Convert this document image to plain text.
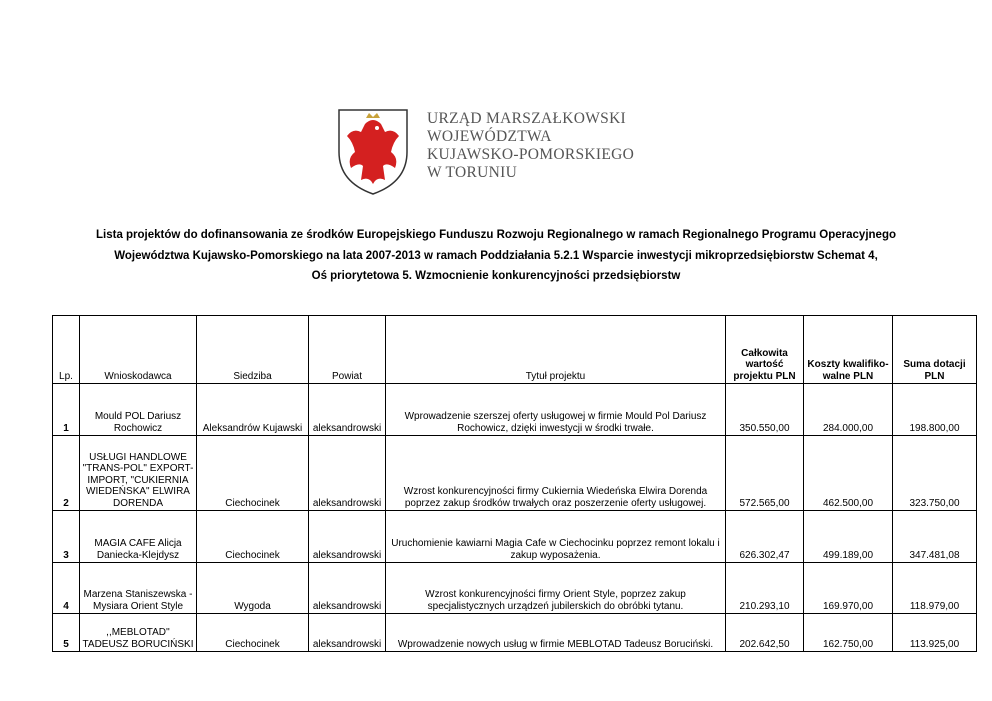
URZĄD MARSZAŁKOWSKI
WOJEWÓDZTWA
KUJAWSKO-POMORSKIEGO
W TORUNIU
Lista projektów do dofinansowania ze środków Europejskiego Funduszu Rozwoju Regionalnego w ramach Regionalnego Programu Operacyjnego
Województwa Kujawsko-Pomorskiego na lata 2007-2013 w ramach Poddziałania 5.2.1 Wsparcie inwestycji mikroprzedsiębiorstw Schemat 4,
Oś priorytetowa 5. Wzmocnienie konkurencyjności przedsiębiorstw
Lp.	Wnioskodawca	Siedziba	Powiat	Tytuł projektu	Całkowita wartość projektu PLN	Koszty kwalifiko-walne PLN	Suma dotacji PLN
1	Mould POL Dariusz Rochowicz	Aleksandrów Kujawski	aleksandrowski	Wprowadzenie szerszej oferty usługowej w firmie Mould Pol Dariusz Rochowicz, dzięki inwestycji w środki trwałe.	350.550,00	284.000,00	198.800,00
2	USŁUGI HANDLOWE "TRANS-POL" EXPORT-IMPORT, "CUKIERNIA WIEDEŃSKA" ELWIRA DORENDA	Ciechocinek	aleksandrowski	Wzrost konkurencyjności firmy Cukiernia Wiedeńska Elwira Dorenda poprzez zakup środków trwałych oraz poszerzenie oferty usługowej.	572.565,00	462.500,00	323.750,00
3	MAGIA CAFE Alicja Daniecka-Klejdysz	Ciechocinek	aleksandrowski	Uruchomienie kawiarni Magia Cafe w Ciechocinku poprzez remont lokalu i zakup wyposażenia.	626.302,47	499.189,00	347.481,08
4	Marzena Staniszewska - Mysiara Orient Style	Wygoda	aleksandrowski	Wzrost konkurencyjności firmy Orient Style, poprzez zakup specjalistycznych urządzeń jubilerskich do obróbki tytanu.	210.293,10	169.970,00	118.979,00
5	,,MEBLOTAD'' TADEUSZ BORUCIŃSKI	Ciechocinek	aleksandrowski	Wprowadzenie nowych usług w firmie MEBLOTAD Tadeusz Boruciński.	202.642,50	162.750,00	113.925,00
